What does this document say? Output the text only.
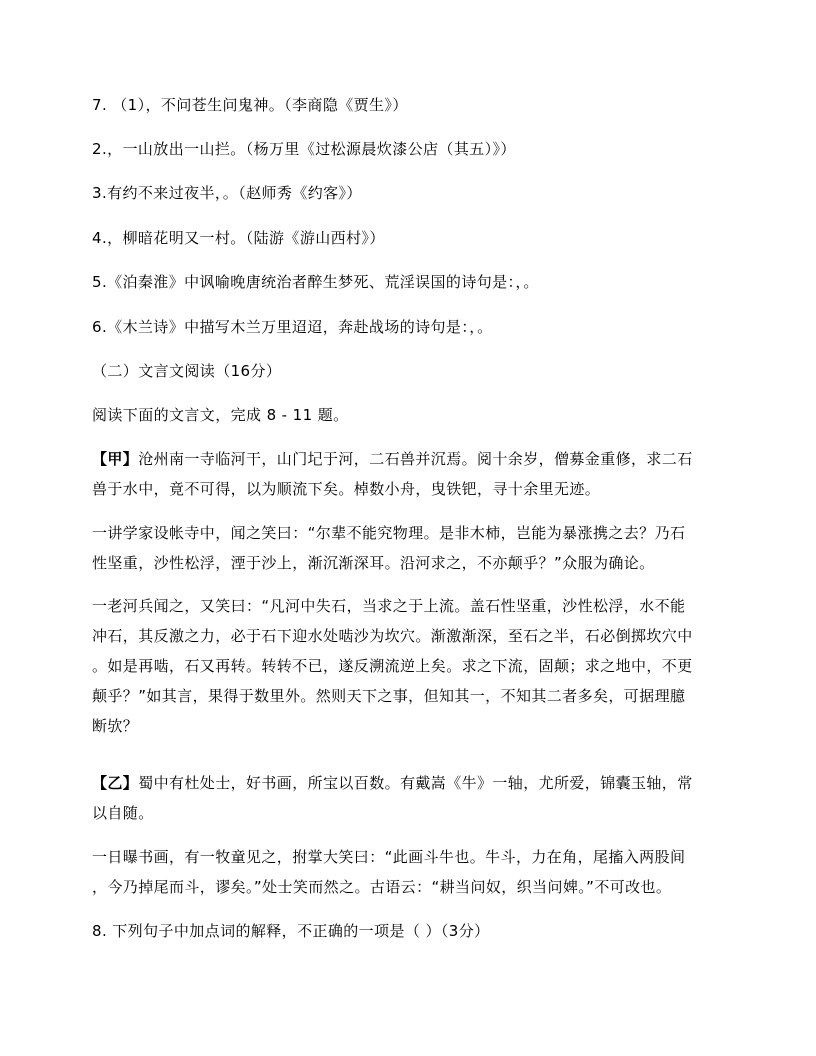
7. （1），不问苍生问鬼神。（李商隐《贾生》）
2.，一山放出一山拦。（杨万里《过松源晨炊漆公店（其五）》）
3.有约不来过夜半，。（赵师秀《约客》）
4.，柳暗花明又一村。（陆游《游山西村》）
5.《泊秦淮》中讽喻晚唐统治者醉生梦死、荒淫误国的诗句是：，。
6.《木兰诗》中描写木兰万里迢迢，奔赴战场的诗句是：，。
（二）文言文阅读（16分）
阅读下面的文言文，完成 8 - 11 题。

【甲】沧州南一寺临河干，山门圮于河，二石兽并沉焉。阅十余岁，僧募金重修，求二石

兽于水中，竟不可得，以为顺流下矣。棹数小舟，曳铁钯，寻十余里无迹。

一讲学家设帐寺中，闻之笑曰：“尔辈不能究物理。是非木柿，岂能为暴涨携之去？乃石

性坚重，沙性松浮，湮于沙上，渐沉渐深耳。沿河求之，不亦颠乎？”众服为确论。

一老河兵闻之，又笑曰：“凡河中失石，当求之于上流。盖石性坚重，沙性松浮，水不能

冲石，其反激之力，必于石下迎水处啮沙为坎穴。渐激渐深，至石之半，石必倒掷坎穴中

。如是再啮，石又再转。转转不已，遂反溯流逆上矣。求之下流，固颠；求之地中，不更

颠乎？”如其言，果得于数里外。然则天下之事，但知其一，不知其二者多矣，可据理臆

断欤？

【乙】蜀中有杜处士，好书画，所宝以百数。有戴嵩《牛》一轴，尤所爱，锦囊玉轴，常

以自随。

一日曝书画，有一牧童见之，拊掌大笑曰：“此画斗牛也。牛斗，力在角，尾搐入两股间

，今乃掉尾而斗，谬矣。”处士笑而然之。古语云：“耕当问奴，织当问婢。”不可改也。

8. 下列句子中加点词的解释，不正确的一项是（ ）（3分）
